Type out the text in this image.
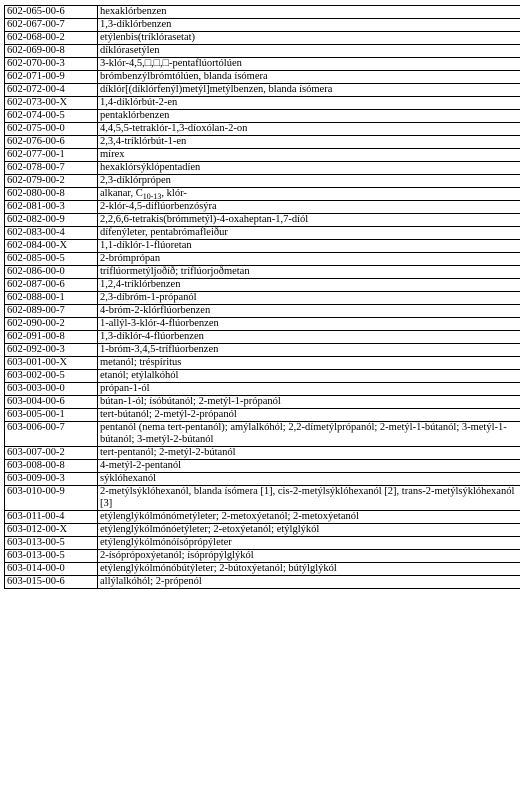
602-065-00-6	hexaklórbenzen
602-067-00-7	1,3-díklórbenzen
602-068-00-2	etýlenbis(tríklórasetat)
602-069-00-8	díklórasetýlen
602-070-00-3	3-klór-4,5,□,□,□-pentaflúortólúen
602-071-00-9	brómbenzýlbrómtólúen, blanda ísómera
602-072-00-4	díklór[(díklórfenýl)metýl]metýlbenzen, blanda ísómera
602-073-00-X	1,4-díklórbút-2-en
602-074-00-5	pentaklórbenzen
602-075-00-0	4,4,5,5-tetraklór-1,3-díoxólan-2-on
602-076-00-6	2,3,4-tríklórbút-1-en
602-077-00-1	mírex
602-078-00-7	hexaklórsýklópentadíen
602-079-00-2	2,3-díklórprópen
602-080-00-8	alkanar, $C_{10-13}$, klór-
602-081-00-3	2-klór-4,5-díflúorbenzósýra
602-082-00-9	2,2,6,6-tetrakis(brómmetýl)-4-oxaheptan-1,7-díól
602-083-00-4	dífenýleter, pentabrómafleiður
602-084-00-X	1,1-díklór-1-flúoretan
602-085-00-5	2-brómprópan
602-086-00-0	tríflúormetýljoðíð; tríflúorjoðmetan
602-087-00-6	1,2,4-tríklórbenzen
602-088-00-1	2,3-díbróm-1-própanól
602-089-00-7	4-bróm-2-klórflúorbenzen
602-090-00-2	1-allýl-3-klór-4-flúorbenzen
602-091-00-8	1,3-díklór-4-flúorbenzen
602-092-00-3	1-bróm-3,4,5-tríflúorbenzen
603-001-00-X	metanól; tréspíritus
603-002-00-5	etanól; etýlalkóhól
603-003-00-0	própan-1-ól
603-004-00-6	bútan-1-ól; ísóbútanól; 2-metýl-1-própanól
603-005-00-1	tert-bútanól; 2-metýl-2-própanól
603-006-00-7	pentanól (nema tert-pentanól); amýlalkóhól; 2,2-dímetýlprópanól; 2-metýl-1-bútanól; 3-metýl-1-bútanól; 3-metýl-2-bútanól
603-007-00-2	tert-pentanól; 2-metýl-2-bútanól
603-008-00-8	4-metýl-2-pentanól
603-009-00-3	sýklóhexanól
603-010-00-9	2-metýlsýklóhexanól, blanda ísómera [1], cis-2-metýlsýklóhexanól [2], trans-2-metýlsýklóhexanól [3]
603-011-00-4	etýlenglýkólmónómetýleter; 2-metoxýetanól; 2-metoxýetanól
603-012-00-X	etýlenglýkólmónóetýleter; 2-etoxýetanól; etýlglýkól
603-013-00-5	etýlenglýkólmónóísóprópýleter
603-013-00-5	2-ísóprópoxýetanól; ísóprópýlglýkól
603-014-00-0	etýlenglýkólmónóbútýleter; 2-bútoxýetanól; bútýlglýkól
603-015-00-6	allýlalkóhól; 2-própenól
